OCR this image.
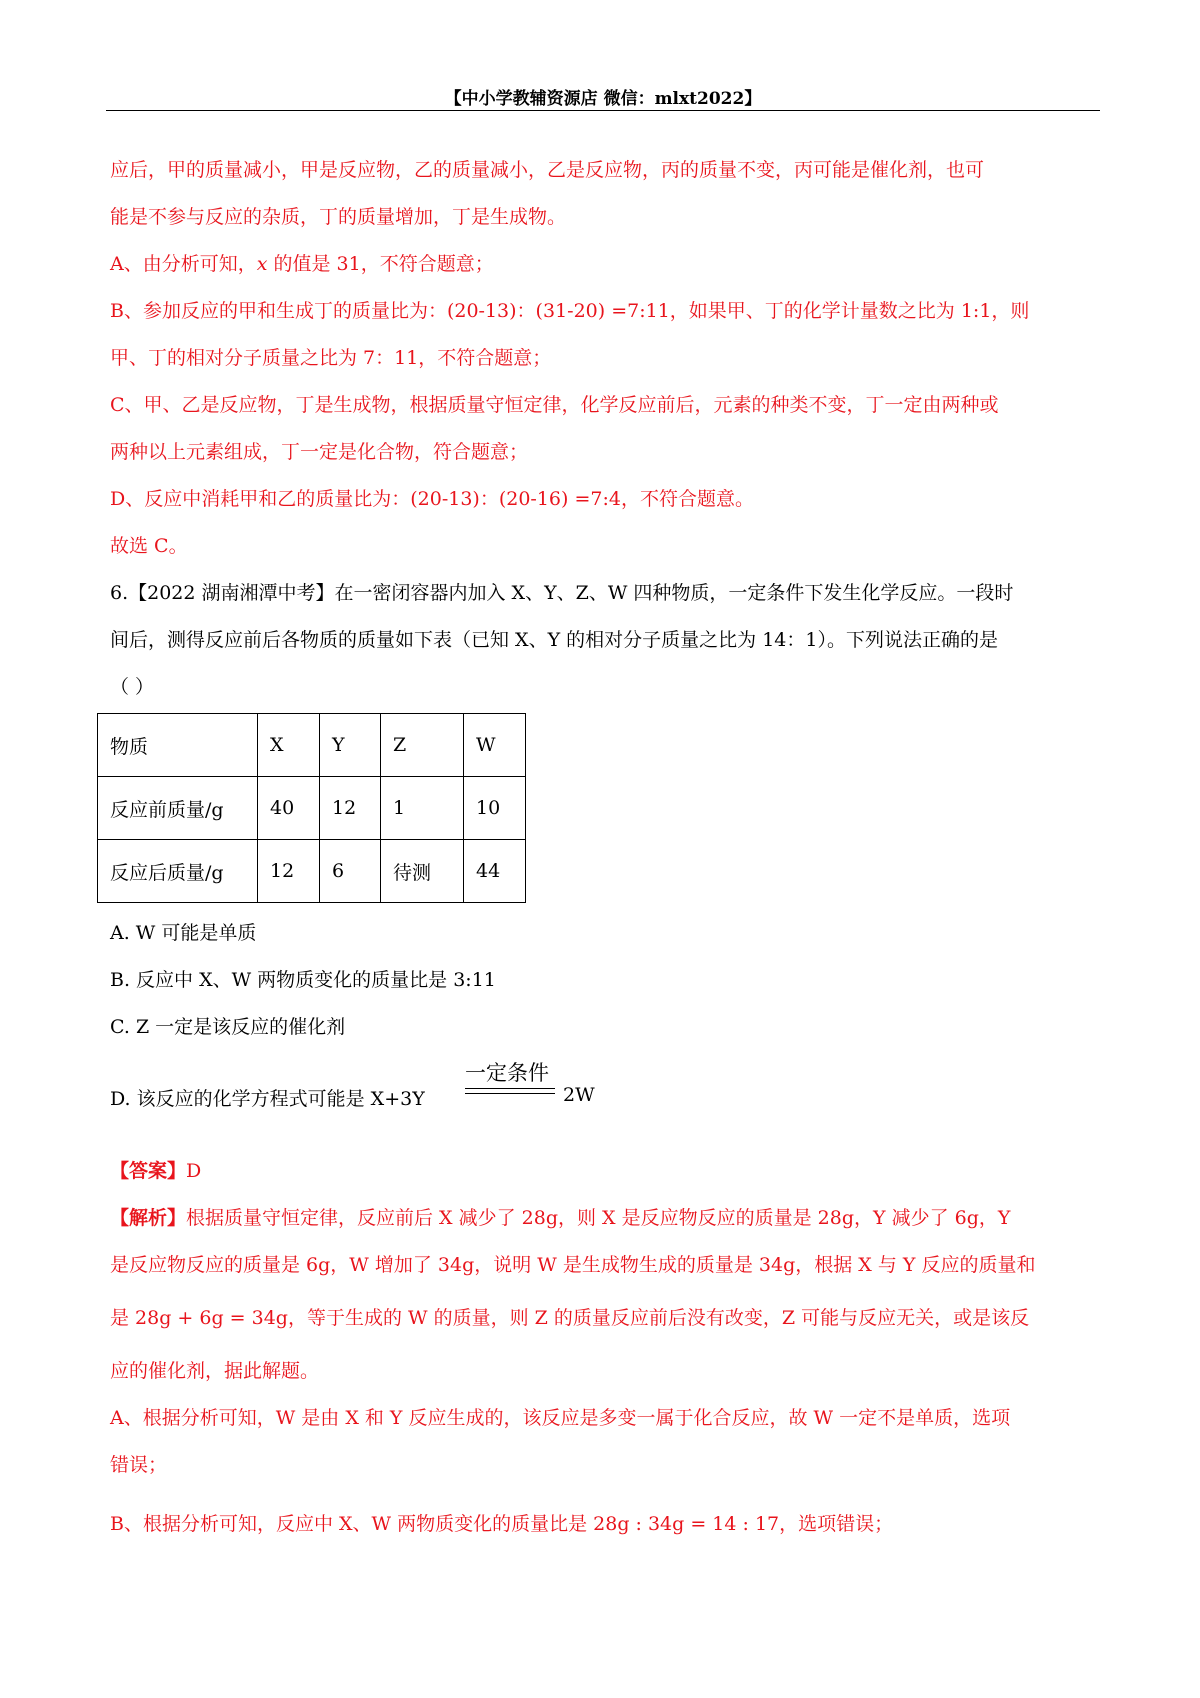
【中小学教辅资源店 微信：mlxt2022】
应后，甲的质量减小，甲是反应物，乙的质量减小，乙是反应物，丙的质量不变，丙可能是催化剂，也可
能是不参与反应的杂质，丁的质量增加，丁是生成物。
A、由分析可知，x 的值是 31，不符合题意；
B、参加反应的甲和生成丁的质量比为：(20-13)：(31-20) =7:11，如果甲、丁的化学计量数之比为 1:1，则
甲、丁的相对分子质量之比为 7：11，不符合题意；
C、甲、乙是反应物，丁是生成物，根据质量守恒定律，化学反应前后，元素的种类不变，丁一定由两种或
两种以上元素组成，丁一定是化合物，符合题意；
D、反应中消耗甲和乙的质量比为：(20-13)：(20-16) =7:4，不符合题意。
故选 C。
6.【2022 湖南湘潭中考】在一密闭容器内加入 X、Y、Z、W 四种物质，一定条件下发生化学反应。一段时
间后，测得反应前后各物质的质量如下表（已知 X、Y 的相对分子质量之比为 14：1）。下列说法正确的是
（ ）
物质	X	Y	Z	W
反应前质量/g	40	12	1	10
反应后质量/g	12	6	待测	44
A. W 可能是单质
B. 反应中 X、W 两物质变化的质量比是 3:11
C. Z 一定是该反应的催化剂
D. 该反应的化学方程式可能是 X+3Y
一定条件
2W
【答案】D
【解析】根据质量守恒定律，反应前后 X 减少了 28g，则 X 是反应物反应的质量是 28g，Y 减少了 6g，Y
是反应物反应的质量是 6g，W 增加了 34g，说明 W 是生成物生成的质量是 34g，根据 X 与 Y 反应的质量和
是 28g + 6g = 34g，等于生成的 W 的质量，则 Z 的质量反应前后没有改变，Z 可能与反应无关，或是该反
应的催化剂，据此解题。
A、根据分析可知，W 是由 X 和 Y 反应生成的，该反应是多变一属于化合反应，故 W 一定不是单质，选项
错误；
B、根据分析可知，反应中 X、W 两物质变化的质量比是 28g : 34g = 14 : 17，选项错误；
